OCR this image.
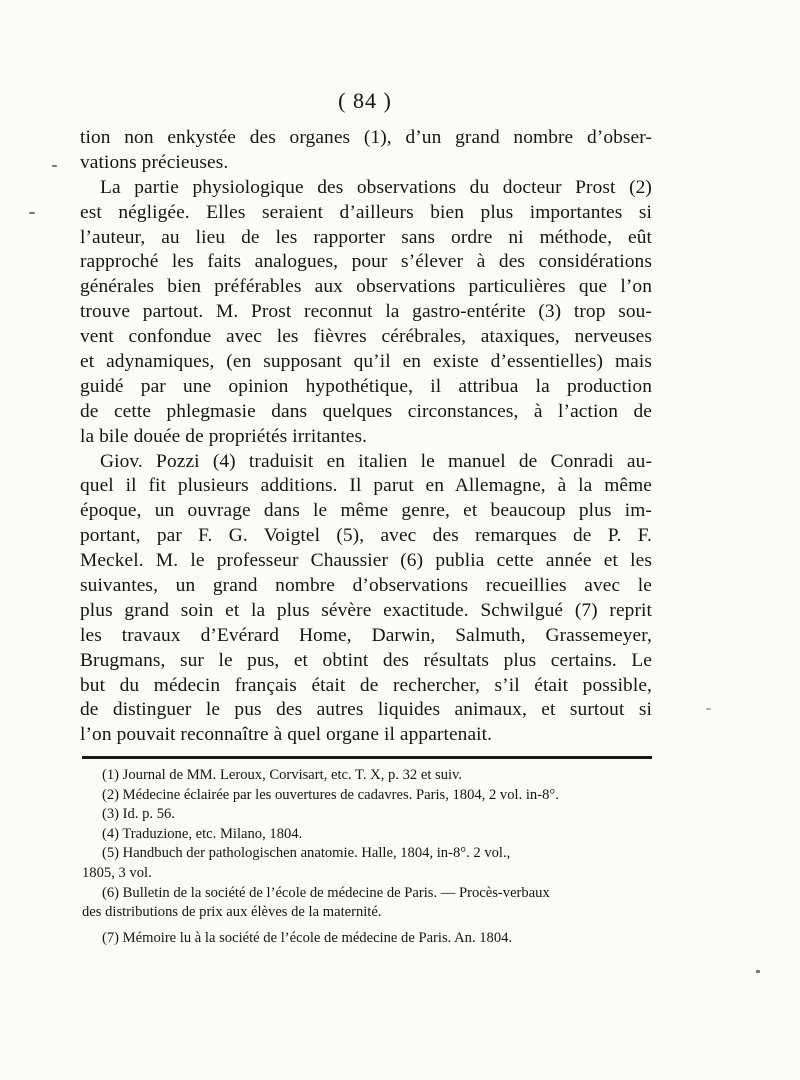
( 84 )
tion non enkystée des organes (1), d’un grand nombre d’obser-
vations précieuses.
La partie physiologique des observations du docteur Prost (2)
est négligée. Elles seraient d’ailleurs bien plus importantes si
l’auteur, au lieu de les rapporter sans ordre ni méthode, eût
rapproché les faits analogues, pour s’élever à des considérations
générales bien préférables aux observations particulières que l’on
trouve partout. M. Prost reconnut la gastro-entérite (3) trop sou-
vent confondue avec les fièvres cérébrales, ataxiques, nerveuses
et adynamiques, (en supposant qu’il en existe d’essentielles) mais
guidé par une opinion hypothétique, il attribua la production
de cette phlegmasie dans quelques circonstances, à l’action de
la bile douée de propriétés irritantes.
Giov. Pozzi (4) traduisit en italien le manuel de Conradi au-
quel il fit plusieurs additions. Il parut en Allemagne, à la même
époque, un ouvrage dans le même genre, et beaucoup plus im-
portant, par F. G. Voigtel (5), avec des remarques de P. F.
Meckel. M. le professeur Chaussier (6) publia cette année et les
suivantes, un grand nombre d’observations recueillies avec le
plus grand soin et la plus sévère exactitude. Schwilgué (7) reprit
les travaux d’Evérard Home, Darwin, Salmuth, Grassemeyer,
Brugmans, sur le pus, et obtint des résultats plus certains. Le
but du médecin français était de rechercher, s’il était possible,
de distinguer le pus des autres liquides animaux, et surtout si
l’on pouvait reconnaître à quel organe il appartenait.
(1) Journal de MM. Leroux, Corvisart, etc. T. X, p. 32 et suiv.
(2) Médecine éclairée par les ouvertures de cadavres. Paris, 1804, 2 vol. in-8°.
(3) Id. p. 56.
(4) Traduzione, etc. Milano, 1804.
(5) Handbuch der pathologischen anatomie. Halle, 1804, in-8°. 2 vol.,
1805, 3 vol.
(6) Bulletin de la société de l’école de médecine de Paris. — Procès-verbaux
des distributions de prix aux élèves de la maternité.
(7) Mémoire lu à la société de l’école de médecine de Paris. An. 1804.
